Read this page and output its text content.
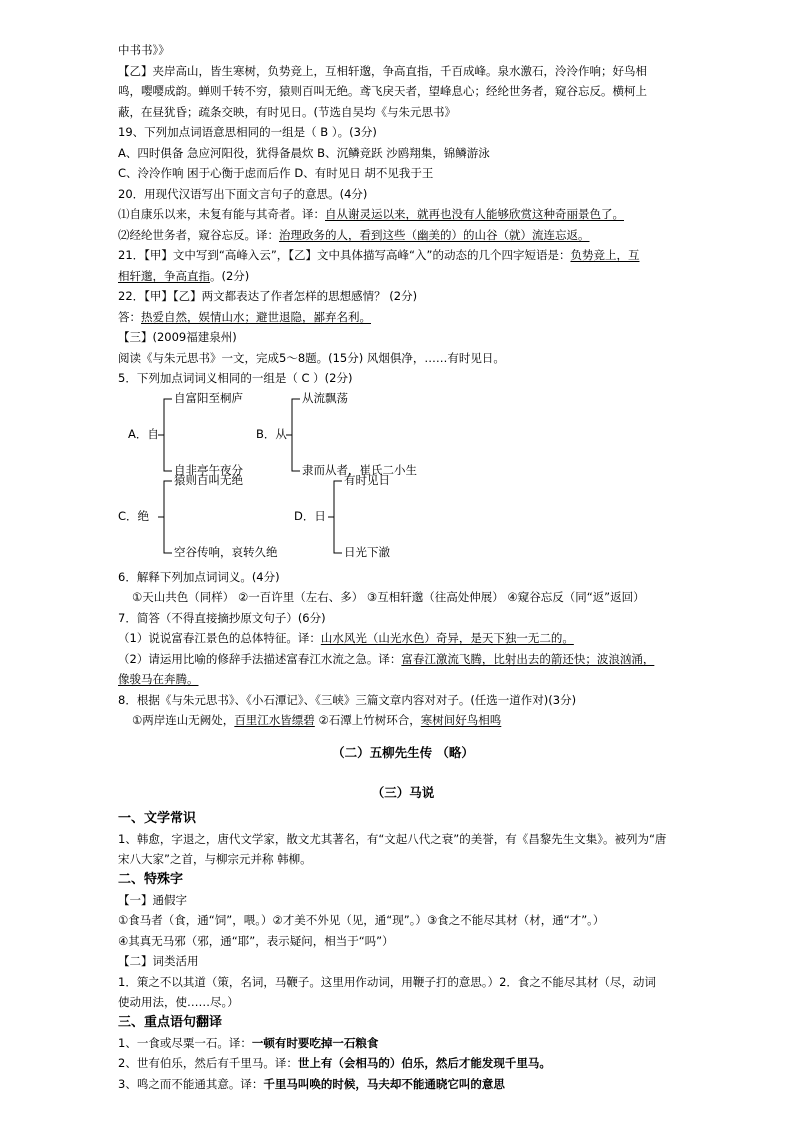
中书书》》
【乙】夹岸高山，皆生寒树，负势竞上，互相轩邈，争高直指，千百成峰。泉水激石，泠泠作响；好鸟相
鸣，嘤嘤成韵。蝉则千转不穷，猿则百叫无绝。鸢飞戾天者，望峰息心；经纶世务者，窥谷忘反。横柯上
蔽，在昼犹昏；疏条交映，有时见日。(节选自吴均《与朱元思书》
19、下列加点词语意思相同的一组是（ B ）。(3分)
A、四时俱备 急应河阳役，犹得备晨炊 B、沉鳞竞跃 沙鸥翔集，锦鳞游泳
C、泠泠作响 困于心衡于虑而后作 D、有时见日 胡不见我于王
20．用现代汉语写出下面文言句子的意思。(4分)
⑴自康乐以来，未复有能与其奇者。译：自从谢灵运以来，就再也没有人能够欣赏这种奇丽景色了。
⑵经纶世务者，窥谷忘反。译：治理政务的人，看到这些（幽美的）的山谷（就）流连忘返。
21．【甲】文中写到“高峰入云”，【乙】文中具体描写高峰“入”的动态的几个四字短语是：负势竞上，互
相轩邈，争高直指。(2分)
22．【甲】【乙】两文都表达了作者怎样的思想感情？ (2分)
答：热爱自然，娱情山水；避世退隐，鄙弃名利。
【三】(2009福建泉州)
阅读《与朱元思书》一文，完成5～8题。(15分) 风烟俱净，……有时见日。
5．下列加点词词义相同的一组是（ C ）(2分)
A．自
自富阳至桐庐
自非亭午夜分
B．从
从流飘荡
隶而从者，崔氏二小生
C．绝
猿则百叫无绝
空谷传响，哀转久绝
D．日
有时见日
日光下澈
6．解释下列加点词词义。(4分)
①天山共色（同样） ②一百许里（左右、多） ③互相轩邈（往高处伸展） ④窥谷忘反（同“返”返回）
7．简答（不得直接摘抄原文句子）(6分)
（1）说说富春江景色的总体特征。译：山水风光（山光水色）奇异，是天下独一无二的。
（2）请运用比喻的修辞手法描述富春江水流之急。译：富春江激流飞腾，比射出去的箭还快；波浪汹涌，
像骏马在奔腾。
8．根据《与朱元思书》、《小石潭记》、《三峡》三篇文章内容对对子。(任选一道作对)(3分)
①两岸连山无阙处，百里江水皆缥碧 ②石潭上竹树环合，寒树间好鸟相鸣
（二）五柳先生传 （略）
（三）马说
一、文学常识
1、韩愈，字退之，唐代文学家，散文尤其著名，有“文起八代之衰”的美誉，有《昌黎先生文集》。被列为“唐
宋八大家”之首，与柳宗元并称 韩柳。
二、特殊字
【一】通假字
①食马者（食，通“饲”，喂。）②才美不外见（见，通“现”。）③食之不能尽其材（材，通“才”。）
④其真无马邪（邪，通“耶”，表示疑问，相当于“吗”）
【二】词类活用
1．策之不以其道（策，名词，马鞭子。这里用作动词，用鞭子打的意思。）2．食之不能尽其材（尽，动词
使动用法，使……尽。）
三、重点语句翻译
1、一食或尽粟一石。译：一顿有时要吃掉一石粮食
2、世有伯乐，然后有千里马。译：世上有（会相马的）伯乐，然后才能发现千里马。
3、鸣之而不能通其意。译：千里马叫唤的时候，马夫却不能通晓它叫的意思
